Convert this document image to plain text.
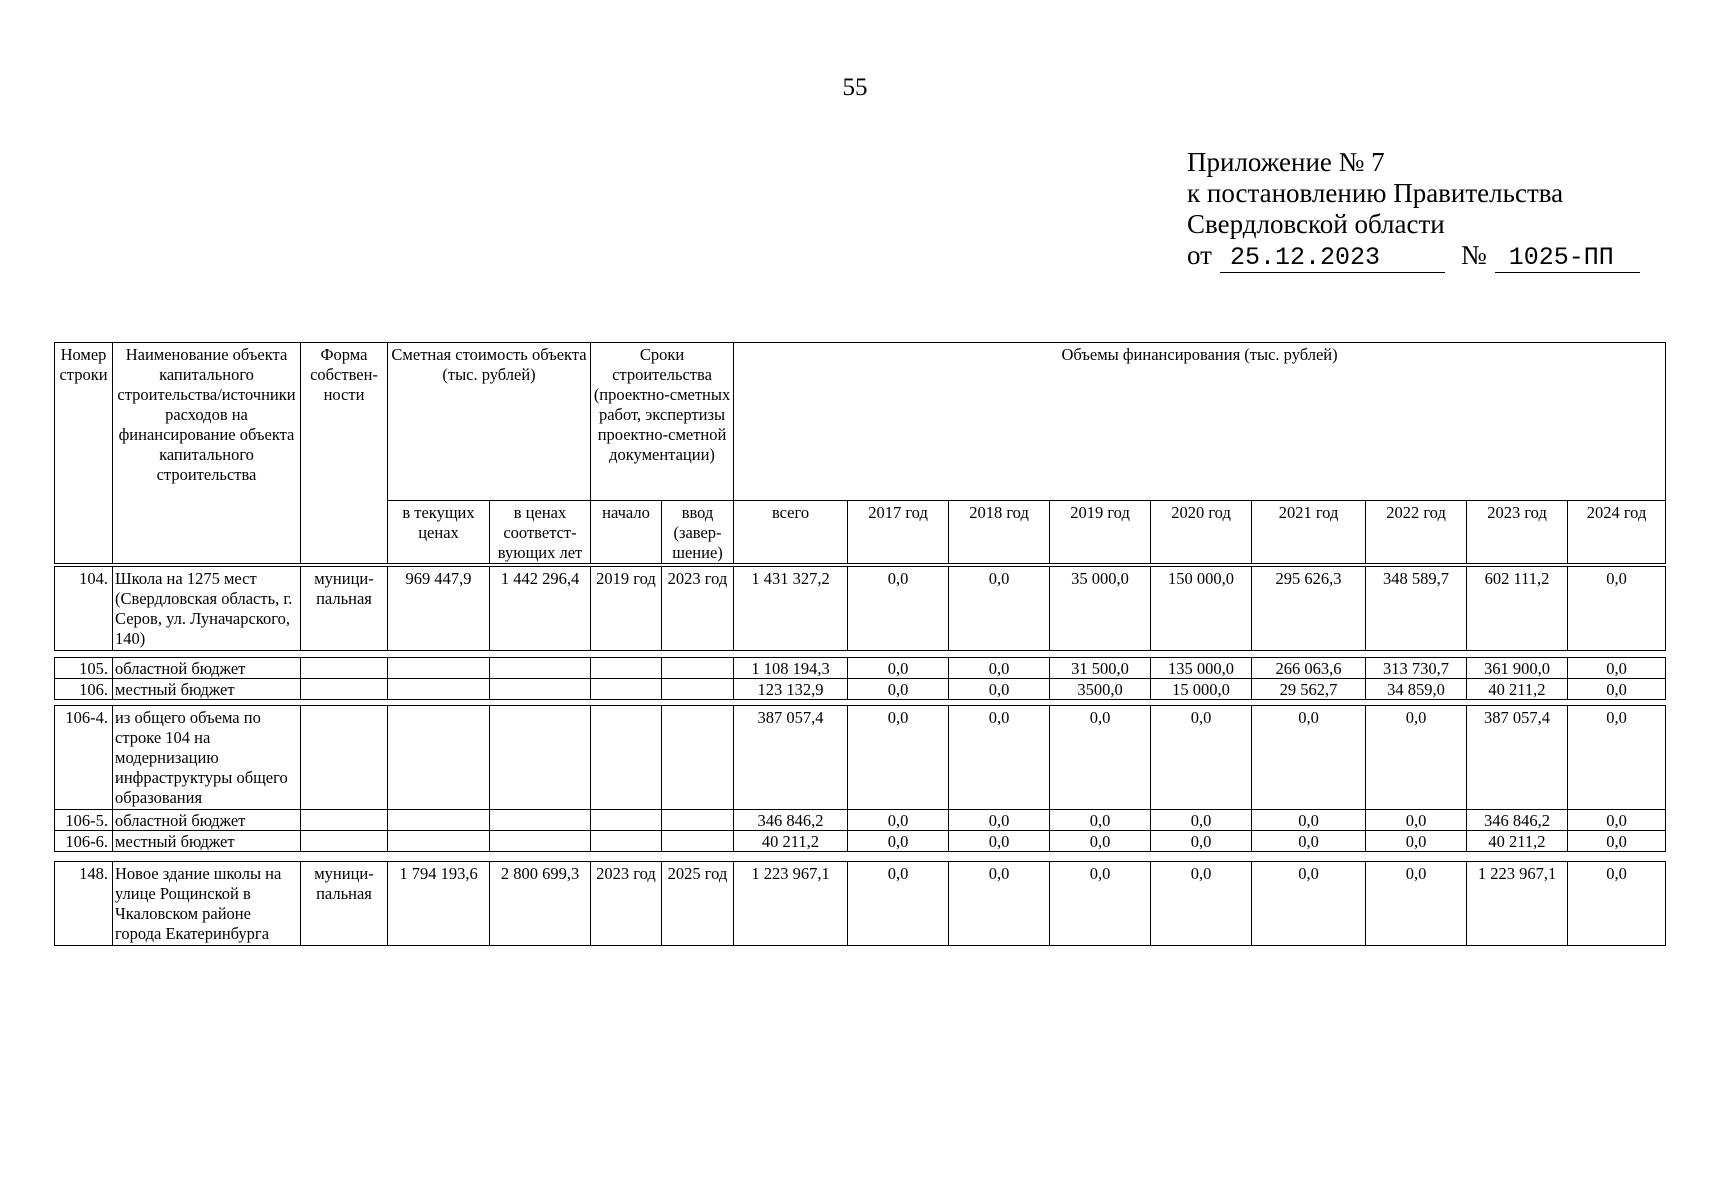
55
Приложение № 7
к постановлению Правительства
Свердловской области
от 25.12.2023	№ 1025-ПП
Номер строки	Наименование объекта капитального строительства/источники расходов на финансирование объекта капитального строительства	Форма собствен-ности	Сметная стоимость объекта (тыс. рублей)		Сроки строительства (проектно-сметных работ, экспертизы проектно-сметной документации)		Объемы финансирования (тыс. рублей)								
			в текущих ценах	в ценах соответст-вующих лет	начало	ввод (завер-шение)	всего	2017 год	2018 год	2019 год	2020 год	2021 год	2022 год	2023 год	2024 год
104.	Школа на 1275 мест (Свердловская область, г. Серов, ул. Луначарского, 140)	муници-пальная	969 447,9	1 442 296,4	2019 год	2023 год	1 431 327,2	0,0	0,0	35 000,0	150 000,0	295 626,3	348 589,7	602 111,2	0,0
105.	областной бюджет						1 108 194,3	0,0	0,0	31 500,0	135 000,0	266 063,6	313 730,7	361 900,0	0,0
106.	местный бюджет						123 132,9	0,0	0,0	3500,0	15 000,0	29 562,7	34 859,0	40 211,2	0,0
106-4.	из общего объема по строке 104 на модернизацию инфраструктуры общего образования						387 057,4	0,0	0,0	0,0	0,0	0,0	0,0	387 057,4	0,0
106-5.	областной бюджет						346 846,2	0,0	0,0	0,0	0,0	0,0	0,0	346 846,2	0,0
106-6.	местный бюджет						40 211,2	0,0	0,0	0,0	0,0	0,0	0,0	40 211,2	0,0
148.	Новое здание школы на улице Рощинской в Чкаловском районе города Екатеринбурга	муници-пальная	1 794 193,6	2 800 699,3	2023 год	2025 год	1 223 967,1	0,0	0,0	0,0	0,0	0,0	0,0	1 223 967,1	0,0
